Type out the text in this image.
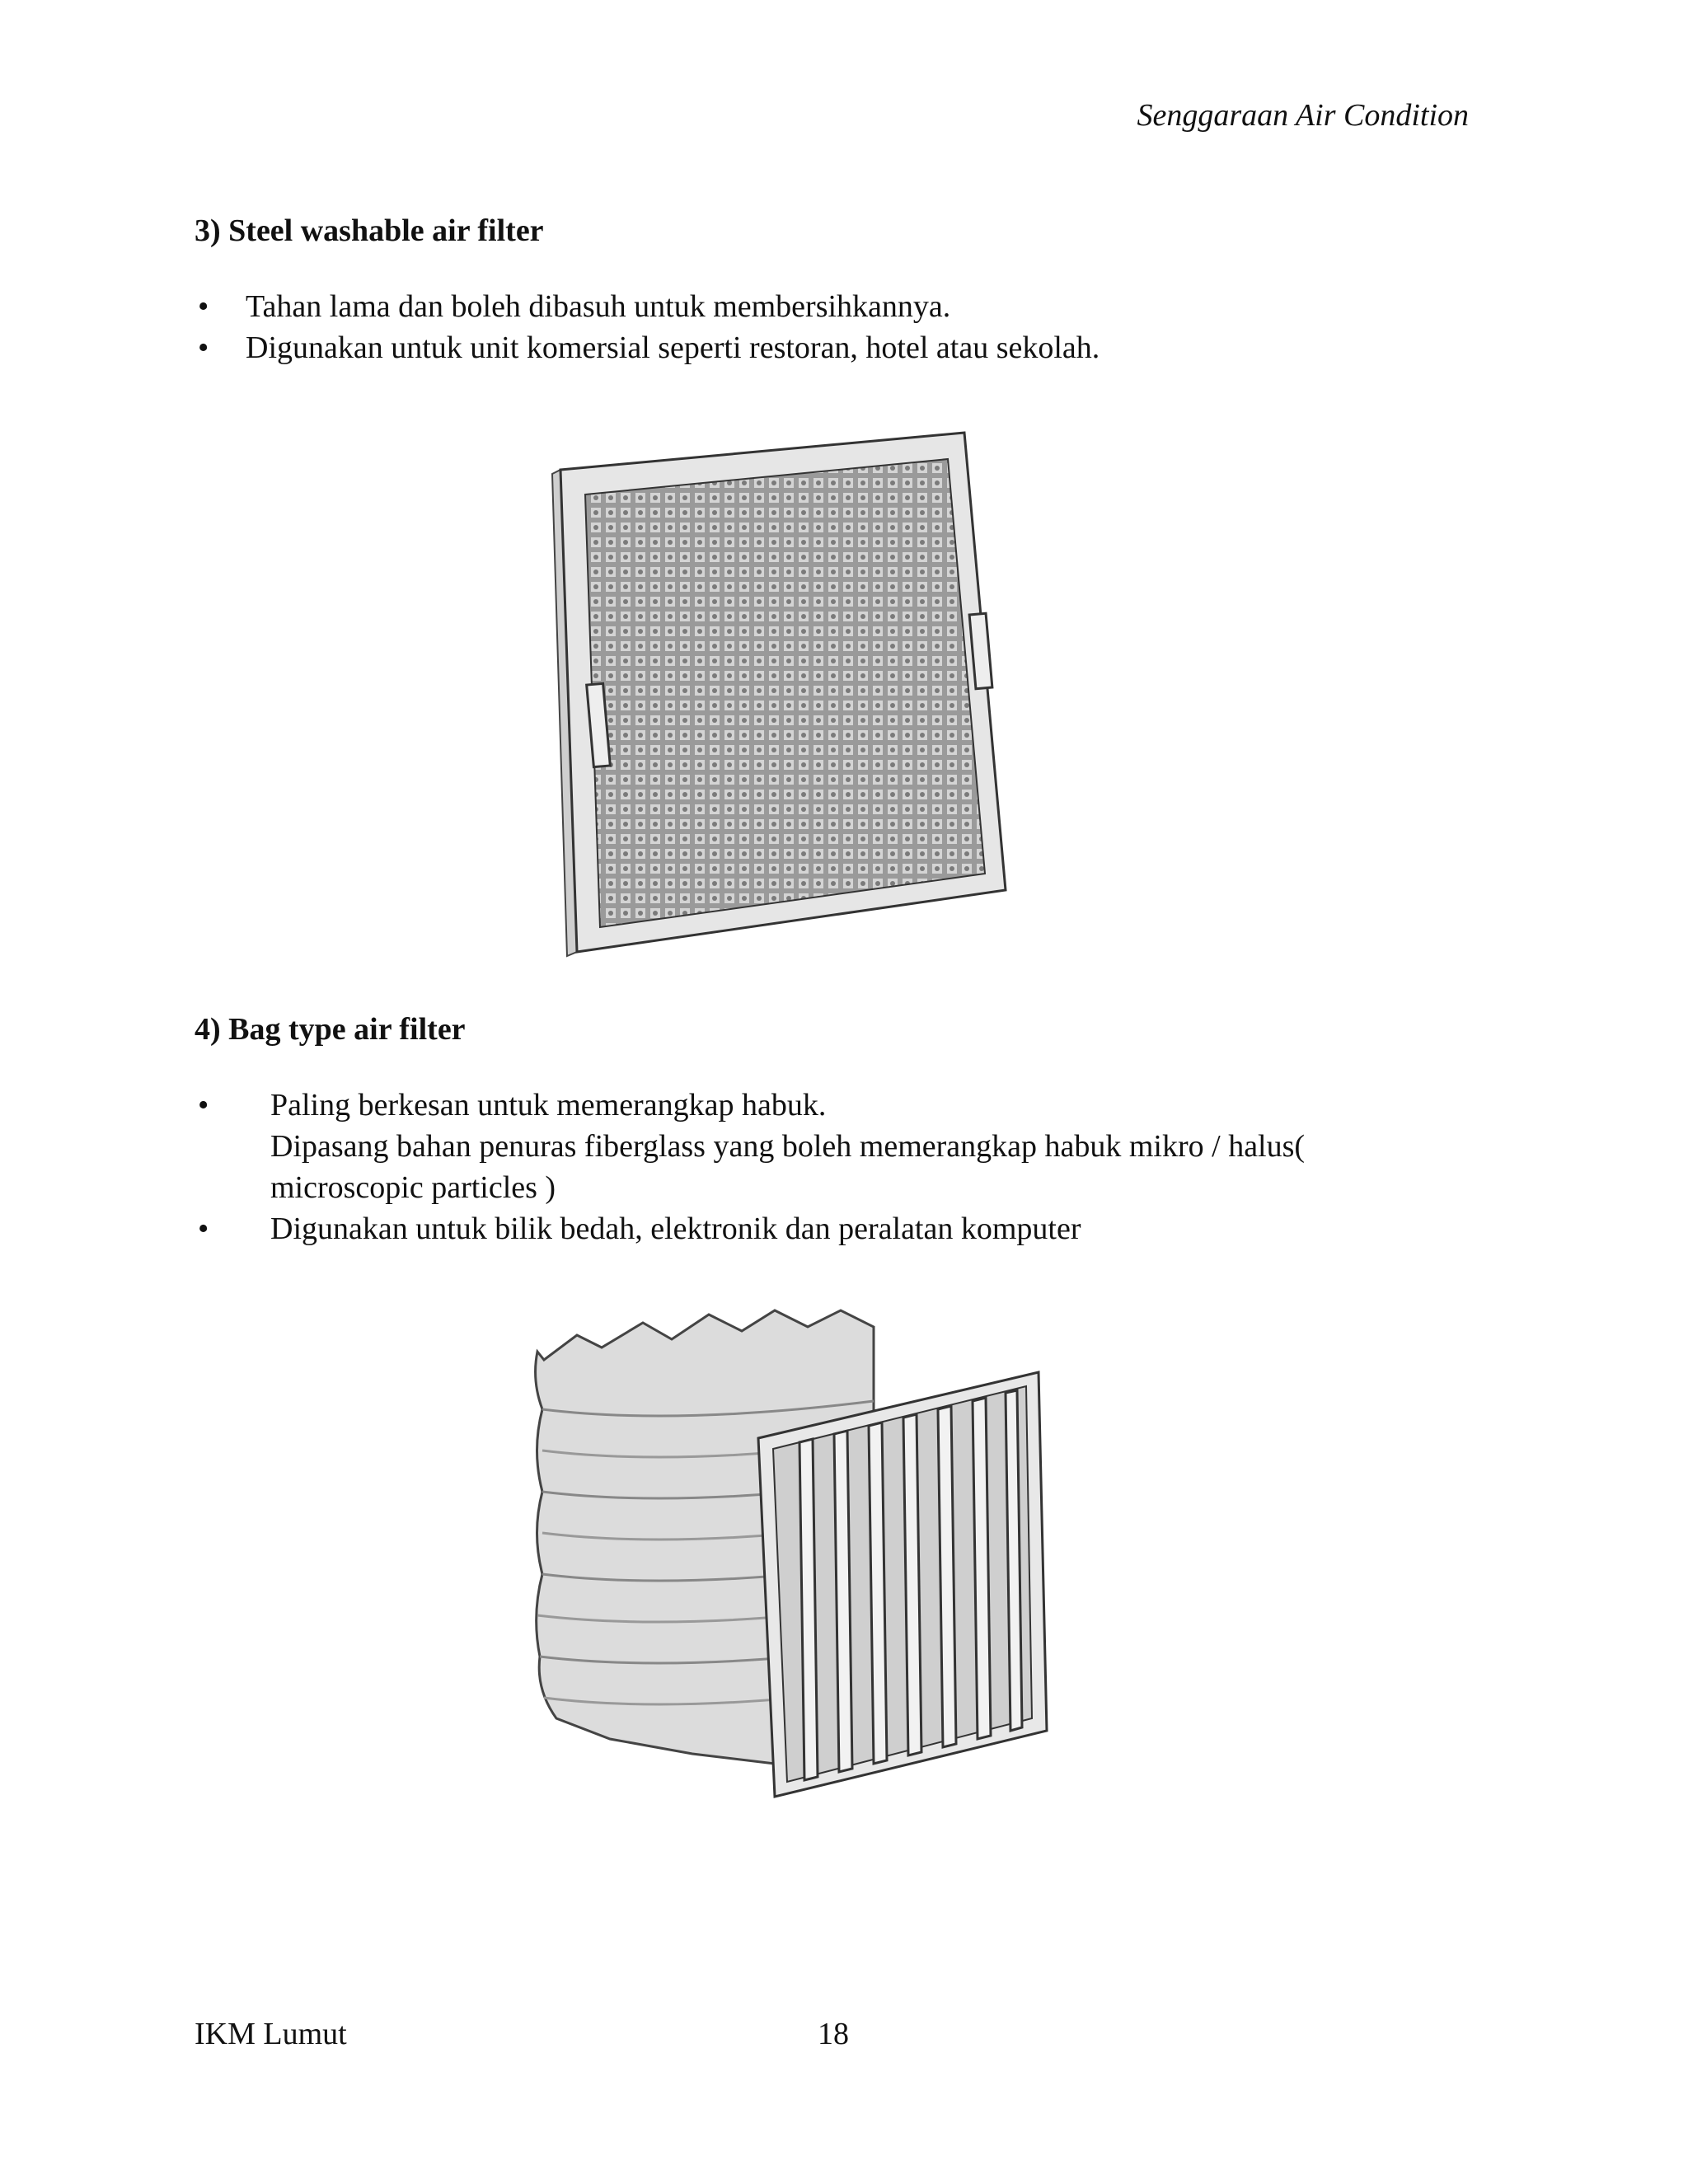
Senggaraan Air Condition
3) Steel washable air filter
• Tahan lama dan boleh dibasuh untuk membersihkannya.
• Digunakan untuk unit komersial seperti restoran, hotel atau sekolah.
4) Bag type air filter
• Paling berkesan untuk memerangkap habuk.
Dipasang bahan penuras fiberglass yang boleh memerangkap habuk mikro / halus(
microscopic particles )
• Digunakan untuk bilik bedah, elektronik dan peralatan komputer
IKM Lumut	18
